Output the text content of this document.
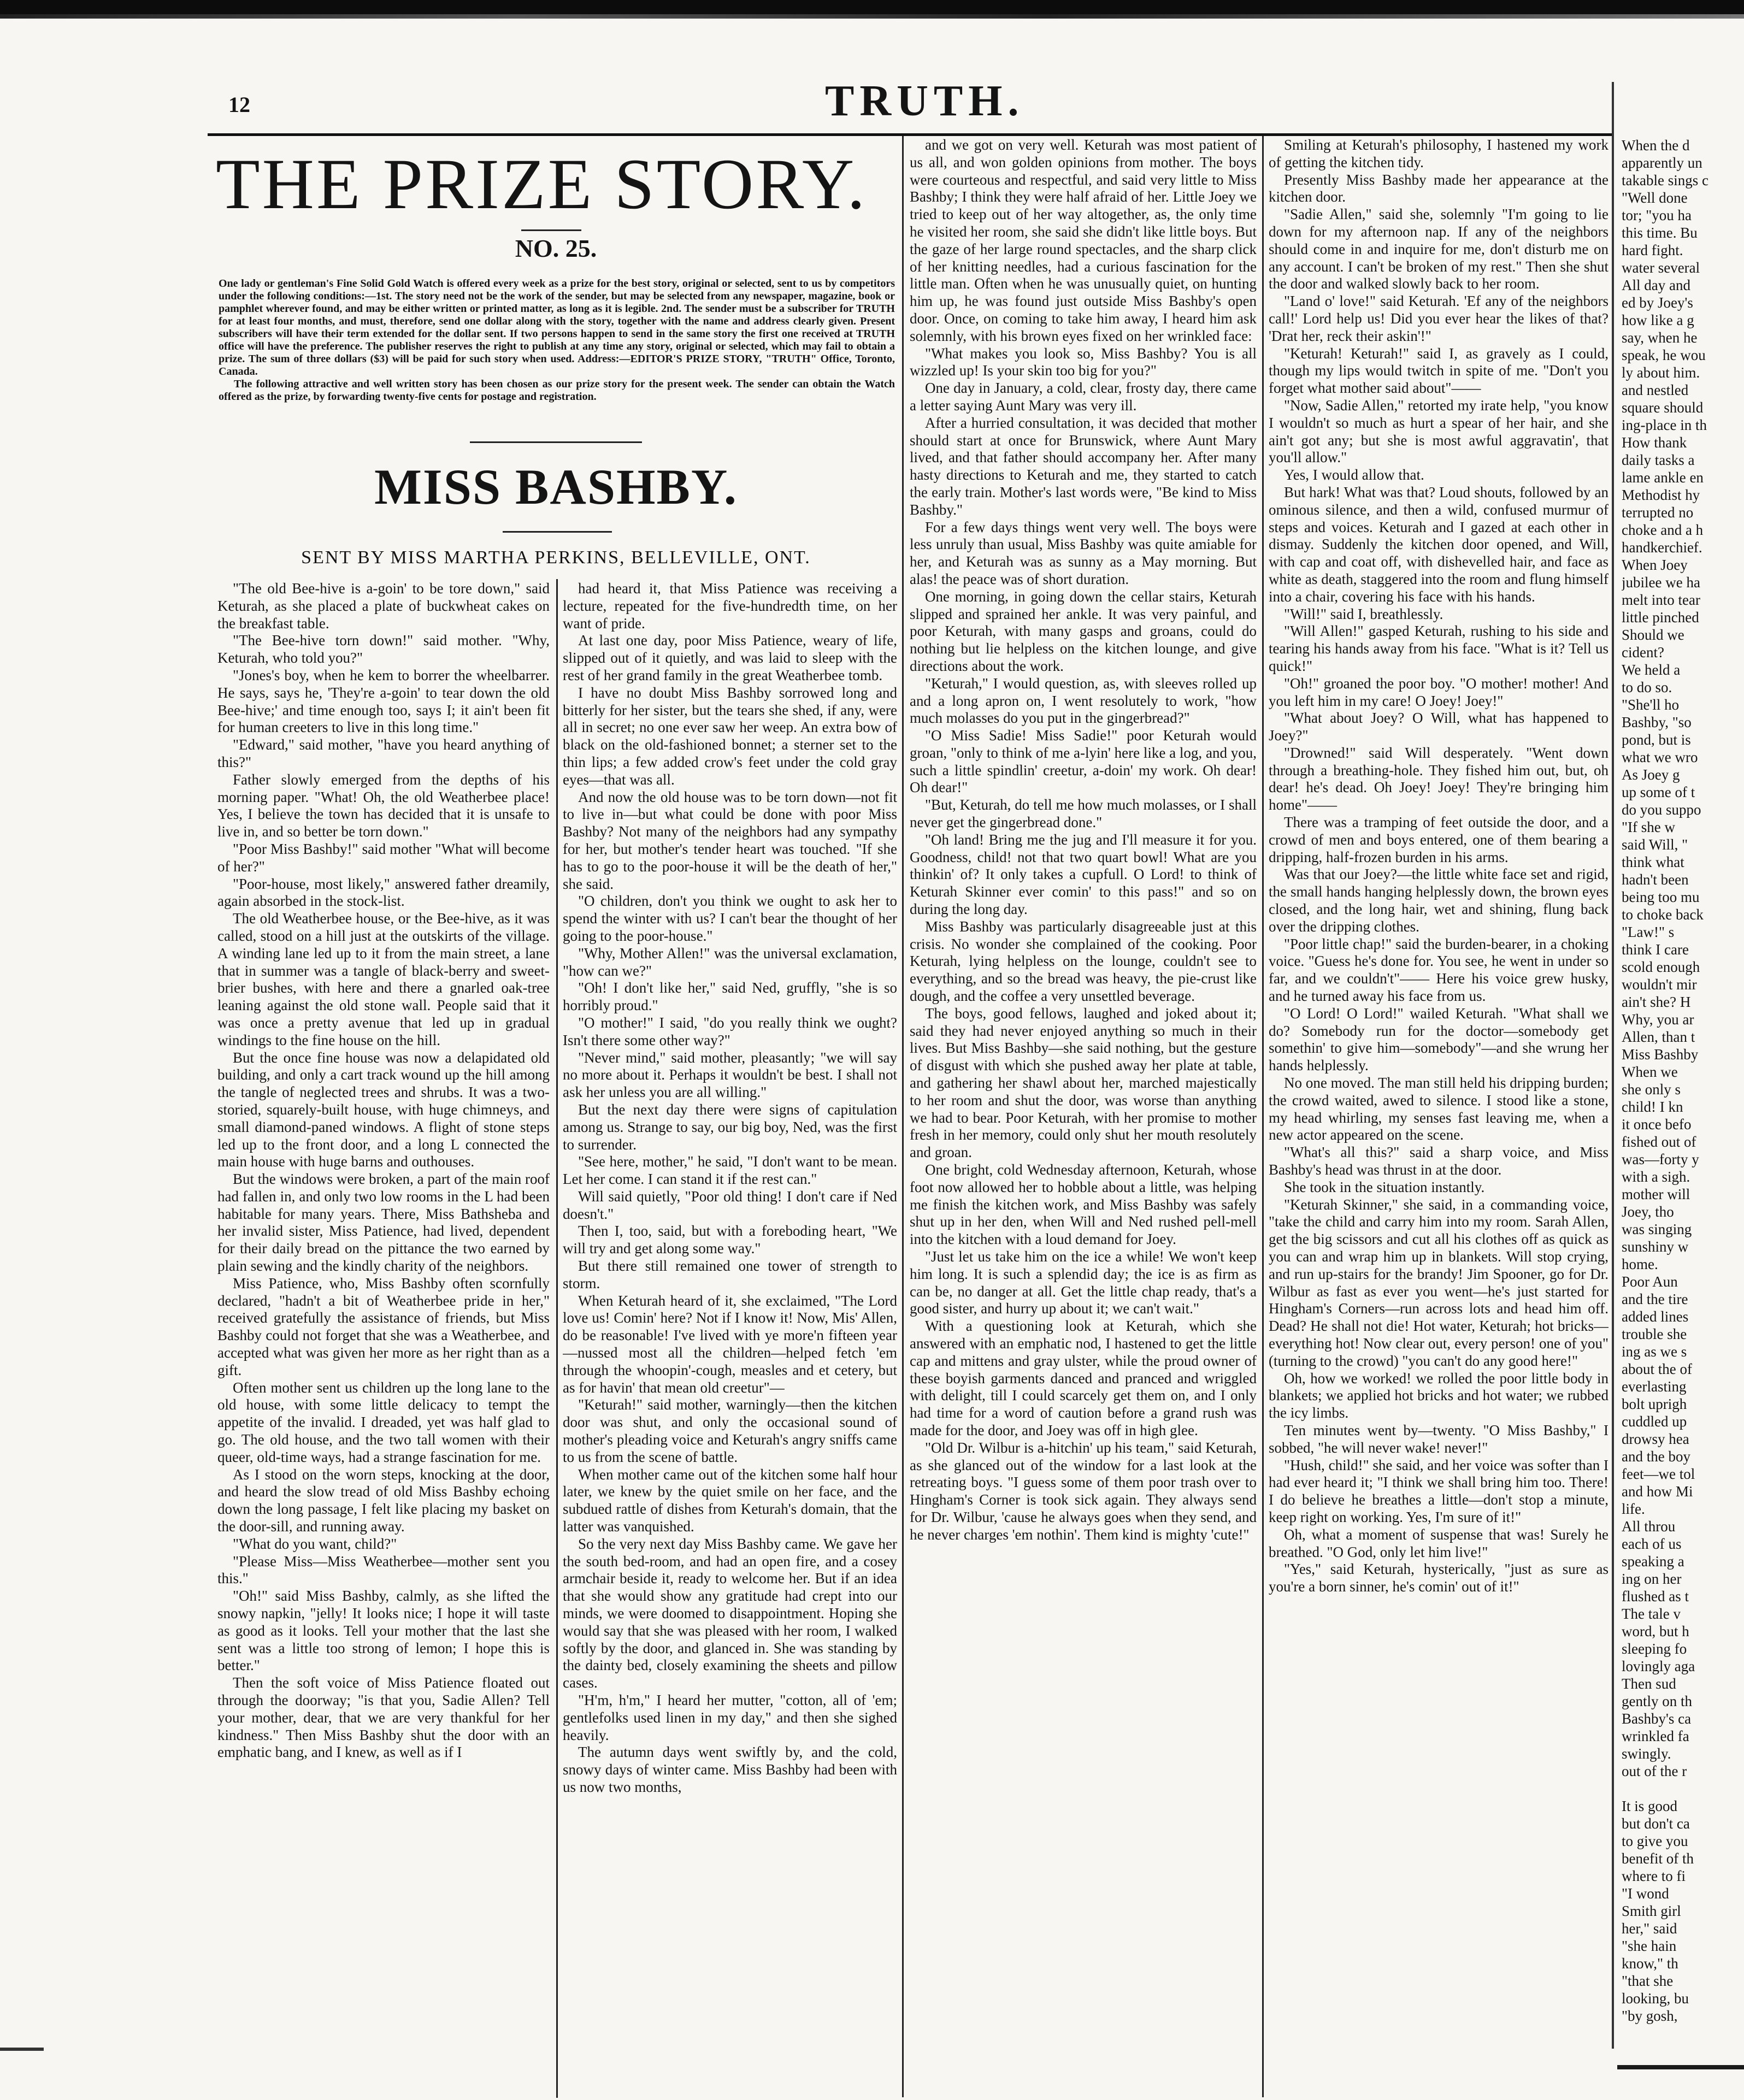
12	TRUTH.
THE PRIZE STORY.
NO. 25.
One lady or gentleman's Fine Solid Gold Watch is offered every week as a prize for the best story, original or selected, sent to us by competitors under the following conditions:—1st. The story need not be the work of the sender, but may be selected from any newspaper, magazine, book or pamphlet wherever found, and may be either written or printed matter, as long as it is legible. 2nd. The sender must be a subscriber for TRUTH for at least four months, and must, therefore, send one dollar along with the story, together with the name and address clearly given. Present subscribers will have their term extended for the dollar sent. If two persons happen to send in the same story the first one received at TRUTH office will have the preference. The publisher reserves the right to publish at any time any story, original or selected, which may fail to obtain a prize. The sum of three dollars ($3) will be paid for such story when used. Address:—EDITOR'S PRIZE STORY, "TRUTH" Office, Toronto, Canada.
The following attractive and well written story has been chosen as our prize story for the present week. The sender can obtain the Watch offered as the prize, by forwarding twenty-five cents for postage and registration.
MISS BASHBY.
SENT BY MISS MARTHA PERKINS, BELLEVILLE, ONT.

"The old Bee-hive is a-goin' to be tore down," said Keturah, as she placed a plate of buckwheat cakes on the breakfast table.

"The Bee-hive torn down!" said mother. "Why, Keturah, who told you?"

"Jones's boy, when he kem to borrer the wheelbarrer. He says, says he, 'They're a-goin' to tear down the old Bee-hive;' and time enough too, says I; it ain't been fit for human creeters to live in this long time."

"Edward," said mother, "have you heard anything of this?"

Father slowly emerged from the depths of his morning paper. "What! Oh, the old Weatherbee place! Yes, I believe the town has decided that it is unsafe to live in, and so better be torn down."

"Poor Miss Bashby!" said mother "What will become of her?"

"Poor-house, most likely," answered father dreamily, again absorbed in the stock-list.

The old Weatherbee house, or the Bee-hive, as it was called, stood on a hill just at the outskirts of the village. A winding lane led up to it from the main street, a lane that in summer was a tangle of black-berry and sweet-brier bushes, with here and there a gnarled oak-tree leaning against the old stone wall. People said that it was once a pretty avenue that led up in gradual windings to the fine house on the hill.

But the once fine house was now a delapidated old building, and only a cart track wound up the hill among the tangle of neglected trees and shrubs. It was a two-storied, squarely-built house, with huge chimneys, and small diamond-paned windows. A flight of stone steps led up to the front door, and a long L connected the main house with huge barns and outhouses.

But the windows were broken, a part of the main roof had fallen in, and only two low rooms in the L had been habitable for many years. There, Miss Bathsheba and her invalid sister, Miss Patience, had lived, dependent for their daily bread on the pittance the two earned by plain sewing and the kindly charity of the neighbors.

Miss Patience, who, Miss Bashby often scornfully declared, "hadn't a bit of Weatherbee pride in her," received gratefully the assistance of friends, but Miss Bashby could not forget that she was a Weatherbee, and accepted what was given her more as her right than as a gift.

Often mother sent us children up the long lane to the old house, with some little delicacy to tempt the appetite of the invalid. I dreaded, yet was half glad to go. The old house, and the two tall women with their queer, old-time ways, had a strange fascination for me.

As I stood on the worn steps, knocking at the door, and heard the slow tread of old Miss Bashby echoing down the long passage, I felt like placing my basket on the door-sill, and running away.

"What do you want, child?"

"Please Miss—Miss Weatherbee—mother sent you this."

"Oh!" said Miss Bashby, calmly, as she lifted the snowy napkin, "jelly! It looks nice; I hope it will taste as good as it looks. Tell your mother that the last she sent was a little too strong of lemon; I hope this is better."

Then the soft voice of Miss Patience floated out through the doorway; "is that you, Sadie Allen? Tell your mother, dear, that we are very thankful for her kindness." Then Miss Bashby shut the door with an emphatic bang, and I knew, as well as if I

had heard it, that Miss Patience was receiving a lecture, repeated for the five-hundredth time, on her want of pride.

At last one day, poor Miss Patience, weary of life, slipped out of it quietly, and was laid to sleep with the rest of her grand family in the great Weatherbee tomb.

I have no doubt Miss Bashby sorrowed long and bitterly for her sister, but the tears she shed, if any, were all in secret; no one ever saw her weep. An extra bow of black on the old-fashioned bonnet; a sterner set to the thin lips; a few added crow's feet under the cold gray eyes—that was all.

And now the old house was to be torn down—not fit to live in—but what could be done with poor Miss Bashby? Not many of the neighbors had any sympathy for her, but mother's tender heart was touched. "If she has to go to the poor-house it will be the death of her," she said.

"O children, don't you think we ought to ask her to spend the winter with us? I can't bear the thought of her going to the poor-house."

"Why, Mother Allen!" was the universal exclamation, "how can we?"

"Oh! I don't like her," said Ned, gruffly, "she is so horribly proud."

"O mother!" I said, "do you really think we ought? Isn't there some other way?"

"Never mind," said mother, pleasantly; "we will say no more about it. Perhaps it wouldn't be best. I shall not ask her unless you are all willing."

But the next day there were signs of capitulation among us. Strange to say, our big boy, Ned, was the first to surrender.

"See here, mother," he said, "I don't want to be mean. Let her come. I can stand it if the rest can."

Will said quietly, "Poor old thing! I don't care if Ned doesn't."

Then I, too, said, but with a foreboding heart, "We will try and get along some way."

But there still remained one tower of strength to storm.

When Keturah heard of it, she exclaimed, "The Lord love us! Comin' here? Not if I know it! Now, Mis' Allen, do be reasonable! I've lived with ye more'n fifteen year—nussed most all the children—helped fetch 'em through the whoopin'-cough, measles and et cetery, but as for havin' that mean old creetur"—

"Keturah!" said mother, warningly—then the kitchen door was shut, and only the occasional sound of mother's pleading voice and Keturah's angry sniffs came to us from the scene of battle.

When mother came out of the kitchen some half hour later, we knew by the quiet smile on her face, and the subdued rattle of dishes from Keturah's domain, that the latter was vanquished.

So the very next day Miss Bashby came. We gave her the south bed-room, and had an open fire, and a cosey armchair beside it, ready to welcome her. But if an idea that she would show any gratitude had crept into our minds, we were doomed to disappointment. Hoping she would say that she was pleased with her room, I walked softly by the door, and glanced in. She was standing by the dainty bed, closely examining the sheets and pillow cases.

"H'm, h'm," I heard her mutter, "cotton, all of 'em; gentlefolks used linen in my day," and then she sighed heavily.

The autumn days went swiftly by, and the cold, snowy days of winter came. Miss Bashby had been with us now two months,

and we got on very well. Keturah was most patient of us all, and won golden opinions from mother. The boys were courteous and respectful, and said very little to Miss Bashby; I think they were half afraid of her. Little Joey we tried to keep out of her way altogether, as, the only time he visited her room, she said she didn't like little boys. But the gaze of her large round spectacles, and the sharp click of her knitting needles, had a curious fascination for the little man. Often when he was unusually quiet, on hunting him up, he was found just outside Miss Bashby's open door. Once, on coming to take him away, I heard him ask solemnly, with his brown eyes fixed on her wrinkled face:

"What makes you look so, Miss Bashby? You is all wizzled up! Is your skin too big for you?"

One day in January, a cold, clear, frosty day, there came a letter saying Aunt Mary was very ill.

After a hurried consultation, it was decided that mother should start at once for Brunswick, where Aunt Mary lived, and that father should accompany her. After many hasty directions to Keturah and me, they started to catch the early train. Mother's last words were, "Be kind to Miss Bashby."

For a few days things went very well. The boys were less unruly than usual, Miss Bashby was quite amiable for her, and Keturah was as sunny as a May morning. But alas! the peace was of short duration.

One morning, in going down the cellar stairs, Keturah slipped and sprained her ankle. It was very painful, and poor Keturah, with many gasps and groans, could do nothing but lie helpless on the kitchen lounge, and give directions about the work.

"Keturah," I would question, as, with sleeves rolled up and a long apron on, I went resolutely to work, "how much molasses do you put in the gingerbread?"

"O Miss Sadie! Miss Sadie!" poor Keturah would groan, "only to think of me a-lyin' here like a log, and you, such a little spindlin' creetur, a-doin' my work. Oh dear! Oh dear!"

"But, Keturah, do tell me how much molasses, or I shall never get the gingerbread done."

"Oh land! Bring me the jug and I'll measure it for you. Goodness, child! not that two quart bowl! What are you thinkin' of? It only takes a cupfull. O Lord! to think of Keturah Skinner ever comin' to this pass!" and so on during the long day.

Miss Bashby was particularly disagreeable just at this crisis. No wonder she complained of the cooking. Poor Keturah, lying helpless on the lounge, couldn't see to everything, and so the bread was heavy, the pie-crust like dough, and the coffee a very unsettled beverage.

The boys, good fellows, laughed and joked about it; said they had never enjoyed anything so much in their lives. But Miss Bashby—she said nothing, but the gesture of disgust with which she pushed away her plate at table, and gathering her shawl about her, marched majestically to her room and shut the door, was worse than anything we had to bear. Poor Keturah, with her promise to mother fresh in her memory, could only shut her mouth resolutely and groan.

One bright, cold Wednesday afternoon, Keturah, whose foot now allowed her to hobble about a little, was helping me finish the kitchen work, and Miss Bashby was safely shut up in her den, when Will and Ned rushed pell-mell into the kitchen with a loud demand for Joey.

"Just let us take him on the ice a while! We won't keep him long. It is such a splendid day; the ice is as firm as can be, no danger at all. Get the little chap ready, that's a good sister, and hurry up about it; we can't wait."

With a questioning look at Keturah, which she answered with an emphatic nod, I hastened to get the little cap and mittens and gray ulster, while the proud owner of these boyish garments danced and pranced and wriggled with delight, till I could scarcely get them on, and I only had time for a word of caution before a grand rush was made for the door, and Joey was off in high glee.

"Old Dr. Wilbur is a-hitchin' up his team," said Keturah, as she glanced out of the window for a last look at the retreating boys. "I guess some of them poor trash over to Hingham's Corner is took sick again. They always send for Dr. Wilbur, 'cause he always goes when they send, and he never charges 'em nothin'. Them kind is mighty 'cute!"

Smiling at Keturah's philosophy, I hastened my work of getting the kitchen tidy.

Presently Miss Bashby made her appearance at the kitchen door.

"Sadie Allen," said she, solemnly "I'm going to lie down for my afternoon nap. If any of the neighbors should come in and inquire for me, don't disturb me on any account. I can't be broken of my rest." Then she shut the door and walked slowly back to her room.

"Land o' love!" said Keturah. 'Ef any of the neighbors call!' Lord help us! Did you ever hear the likes of that? 'Drat her, reck their askin'!"

"Keturah! Keturah!" said I, as gravely as I could, though my lips would twitch in spite of me. "Don't you forget what mother said about"——

"Now, Sadie Allen," retorted my irate help, "you know I wouldn't so much as hurt a spear of her hair, and she ain't got any; but she is most awful aggravatin', that you'll allow."

Yes, I would allow that.

But hark! What was that? Loud shouts, followed by an ominous silence, and then a wild, confused murmur of steps and voices. Keturah and I gazed at each other in dismay. Suddenly the kitchen door opened, and Will, with cap and coat off, with dishevelled hair, and face as white as death, staggered into the room and flung himself into a chair, covering his face with his hands.

"Will!" said I, breathlessly.

"Will Allen!" gasped Keturah, rushing to his side and tearing his hands away from his face. "What is it? Tell us quick!"

"Oh!" groaned the poor boy. "O mother! mother! And you left him in my care! O Joey! Joey!"

"What about Joey? O Will, what has happened to Joey?"

"Drowned!" said Will desperately. "Went down through a breathing-hole. They fished him out, but, oh dear! he's dead. Oh Joey! Joey! They're bringing him home"——

There was a tramping of feet outside the door, and a crowd of men and boys entered, one of them bearing a dripping, half-frozen burden in his arms.

Was that our Joey?—the little white face set and rigid, the small hands hanging helplessly down, the brown eyes closed, and the long hair, wet and shining, flung back over the dripping clothes.

"Poor little chap!" said the burden-bearer, in a choking voice. "Guess he's done for. You see, he went in under so far, and we couldn't"—— Here his voice grew husky, and he turned away his face from us.

"O Lord! O Lord!" wailed Keturah. "What shall we do? Somebody run for the doctor—somebody get somethin' to give him—somebody"—and she wrung her hands helplessly.

No one moved. The man still held his dripping burden; the crowd waited, awed to silence. I stood like a stone, my head whirling, my senses fast leaving me, when a new actor appeared on the scene.

"What's all this?" said a sharp voice, and Miss Bashby's head was thrust in at the door.

She took in the situation instantly.

"Keturah Skinner," she said, in a commanding voice, "take the child and carry him into my room. Sarah Allen, get the big scissors and cut all his clothes off as quick as you can and wrap him up in blankets. Will stop crying, and run up-stairs for the brandy! Jim Spooner, go for Dr. Wilbur as fast as ever you went—he's just started for Hingham's Corners—run across lots and head him off. Dead? He shall not die! Hot water, Keturah; hot bricks—everything hot! Now clear out, every person! one of you" (turning to the crowd) "you can't do any good here!"

Oh, how we worked! we rolled the poor little body in blankets; we applied hot bricks and hot water; we rubbed the icy limbs.

Ten minutes went by—twenty. "O Miss Bashby," I sobbed, "he will never wake! never!"

"Hush, child!" she said, and her voice was softer than I had ever heard it; "I think we shall bring him too. There! I do believe he breathes a little—don't stop a minute, keep right on working. Yes, I'm sure of it!"

Oh, what a moment of suspense that was! Surely he breathed. "O God, only let him live!"

"Yes," said Keturah, hysterically, "just as sure as you're a born sinner, he's comin' out of it!"

When the d
apparently un
takable sings c
"Well done
tor; "you ha
this time. Bu
hard fight.
water several
All day and
ed by Joey's
how like a g
say, when he
speak, he wou
ly about him.
and nestled
square should
ing-place in th
How thank
daily tasks a
lame ankle en
Methodist hy
terrupted no
choke and a h
handkerchief.
When Joey
jubilee we ha
melt into tear
little pinched
Should we
cident?
We held a
to do so.
"She'll ho
Bashby, "so
pond, but is
what we wro
As Joey g
up some of t
do you suppo
"If she w
said Will, "
think what
hadn't been
being too mu
to choke back
"Law!" s
think I care
scold enough
wouldn't mir
ain't she? H
Why, you ar
Allen, than t
Miss Bashby
When we
she only s
child! I kn
it once befo
fished out of
was—forty y
with a sigh.
mother will
Joey, tho
was singing
sunshiny w
home.
Poor Aun
and the tire
added lines
trouble she
ing as we s
about the of
everlasting
bolt uprigh
cuddled up
drowsy hea
and the boy
feet—we tol
and how Mi
life.
All throu
each of us
speaking a
ing on her
flushed as t
The tale v
word, but h
sleeping fo
lovingly aga
Then sud
gently on th
Bashby's ca
wrinkled fa
swingly.
out of the r
It is good
but don't ca
to give you
benefit of th
where to fi
"I wond
Smith girl
her," said
"she hain
know," th
"that she
looking, bu
"by gosh,
